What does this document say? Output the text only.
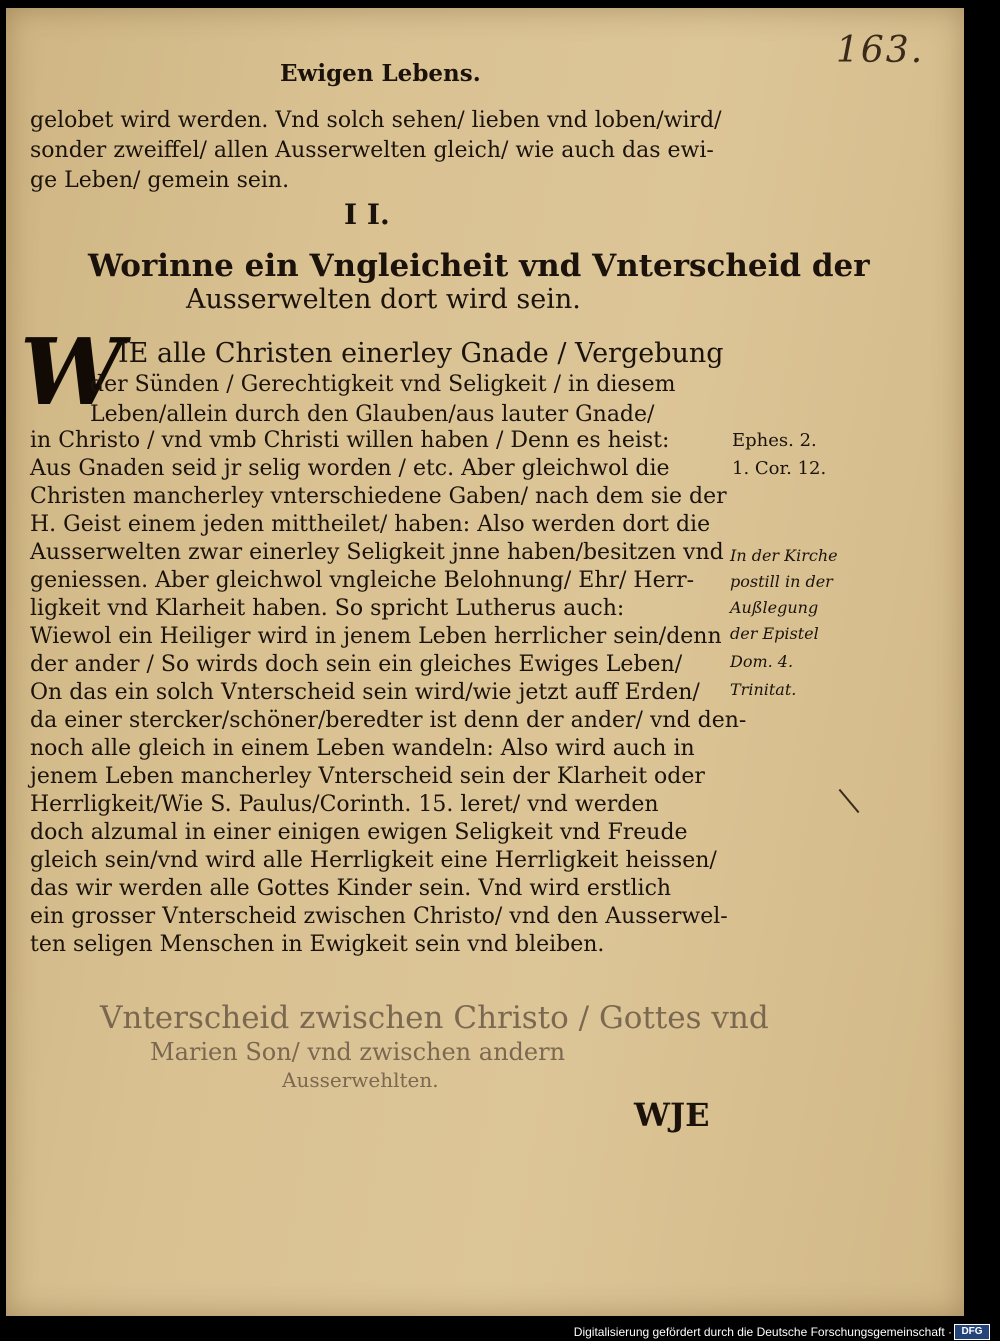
163.
Ewigen Lebens.
gelobet wird werden. Vnd solch sehen/ lieben vnd loben/wird/
sonder zweiffel/ allen Ausserwelten gleich/ wie auch das ewi-
ge Leben/ gemein sein.
I I.
Worinne ein Vngleicheit vnd Vnterscheid der
Ausserwelten dort wird sein.
W
IE alle Christen einerley Gnade / Vergebung
der Sünden / Gerechtigkeit vnd Seligkeit / in diesem
Leben/allein durch den Glauben/aus lauter Gnade/
in Christo / vnd vmb Christi willen haben / Denn es heist:
Aus Gnaden seid jr selig worden / etc. Aber gleichwol die
Christen mancherley vnterschiedene Gaben/ nach dem sie der
H. Geist einem jeden mittheilet/ haben: Also werden dort die
Ausserwelten zwar einerley Seligkeit jnne haben/besitzen vnd
geniessen. Aber gleichwol vngleiche Belohnung/ Ehr/ Herr-
ligkeit vnd Klarheit haben. So spricht Lutherus auch:
Wiewol ein Heiliger wird in jenem Leben herrlicher sein/denn
der ander / So wirds doch sein ein gleiches Ewiges Leben/
On das ein solch Vnterscheid sein wird/wie jetzt auff Erden/
da einer stercker/schöner/beredter ist denn der ander/ vnd den-
noch alle gleich in einem Leben wandeln: Also wird auch in
jenem Leben mancherley Vnterscheid sein der Klarheit oder
Herrligkeit/Wie S. Paulus/Corinth. 15. leret/ vnd werden
doch alzumal in einer einigen ewigen Seligkeit vnd Freude
gleich sein/vnd wird alle Herrligkeit eine Herrligkeit heissen/
das wir werden alle Gottes Kinder sein. Vnd wird erstlich
ein grosser Vnterscheid zwischen Christo/ vnd den Ausserwel-
ten seligen Menschen in Ewigkeit sein vnd bleiben.
Ephes. 2.
1. Cor. 12.
In der Kirche
postill in der
Außlegung
der Epistel
Dom. 4.
Trinitat.
Vnterscheid zwischen Christo / Gottes vnd
Marien Son/ vnd zwischen andern
Ausserwehlten.
WJE
Digitalisierung gefördert durch die Deutsche Forschungsgemeinschaft · DFG
